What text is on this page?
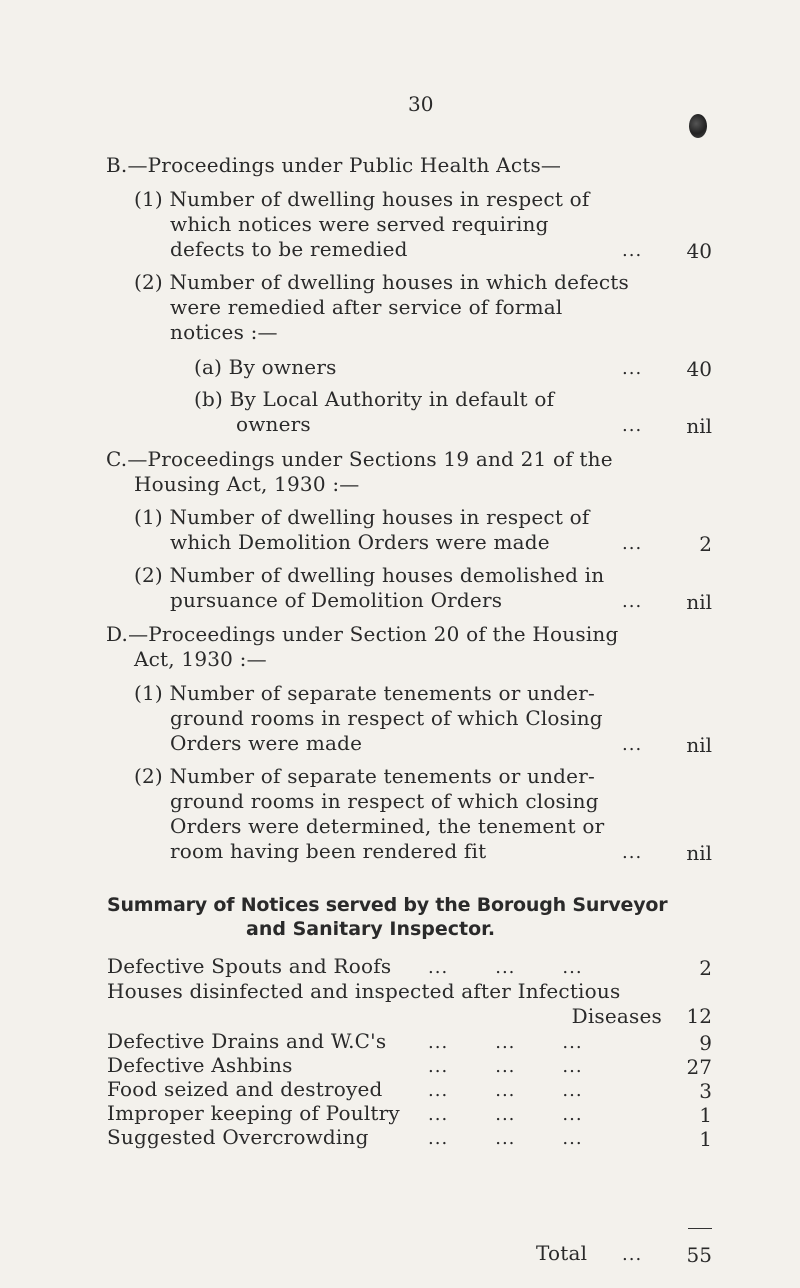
30
B.—Proceedings under Public Health Acts—
(1) Number of dwelling houses in respect of
which notices were served requiring
defects to be remedied	... 40
(2) Number of dwelling houses in which defects
were remedied after service of formal
notices :—
(a) By owners	... 40
(b) By Local Authority in default of
owners	... nil
C.—Proceedings under Sections 19 and 21 of the
Housing Act, 1930 :—
(1) Number of dwelling houses in respect of
which Demolition Orders were made	...	2
(2) Number of dwelling houses demolished in
pursuance of Demolition Orders	... nil
D.—Proceedings under Section 20 of the Housing
Act, 1930 :—
(1) Number of separate tenements or under-
ground rooms in respect of which Closing
Orders were made	... nil
(2) Number of separate tenements or under-
ground rooms in respect of which closing
Orders were determined, the tenement or
room having been rendered fit	... nil
Summary of Notices served by the Borough Surveyor
and Sanitary Inspector.
Defective Spouts and Roofs ...       ...       ...	2
Houses disinfected and inspected after Infectious
Diseases 12
Defective Drains and W.C's ...       ...       ...	9
Defective Ashbins	...       ...       ...	27
Food seized and destroyed	...       ...       ...	3
Improper keeping of Poultry ...       ...       ...	1
Suggested Overcrowding	...       ...       ...	1
Total ... 55
